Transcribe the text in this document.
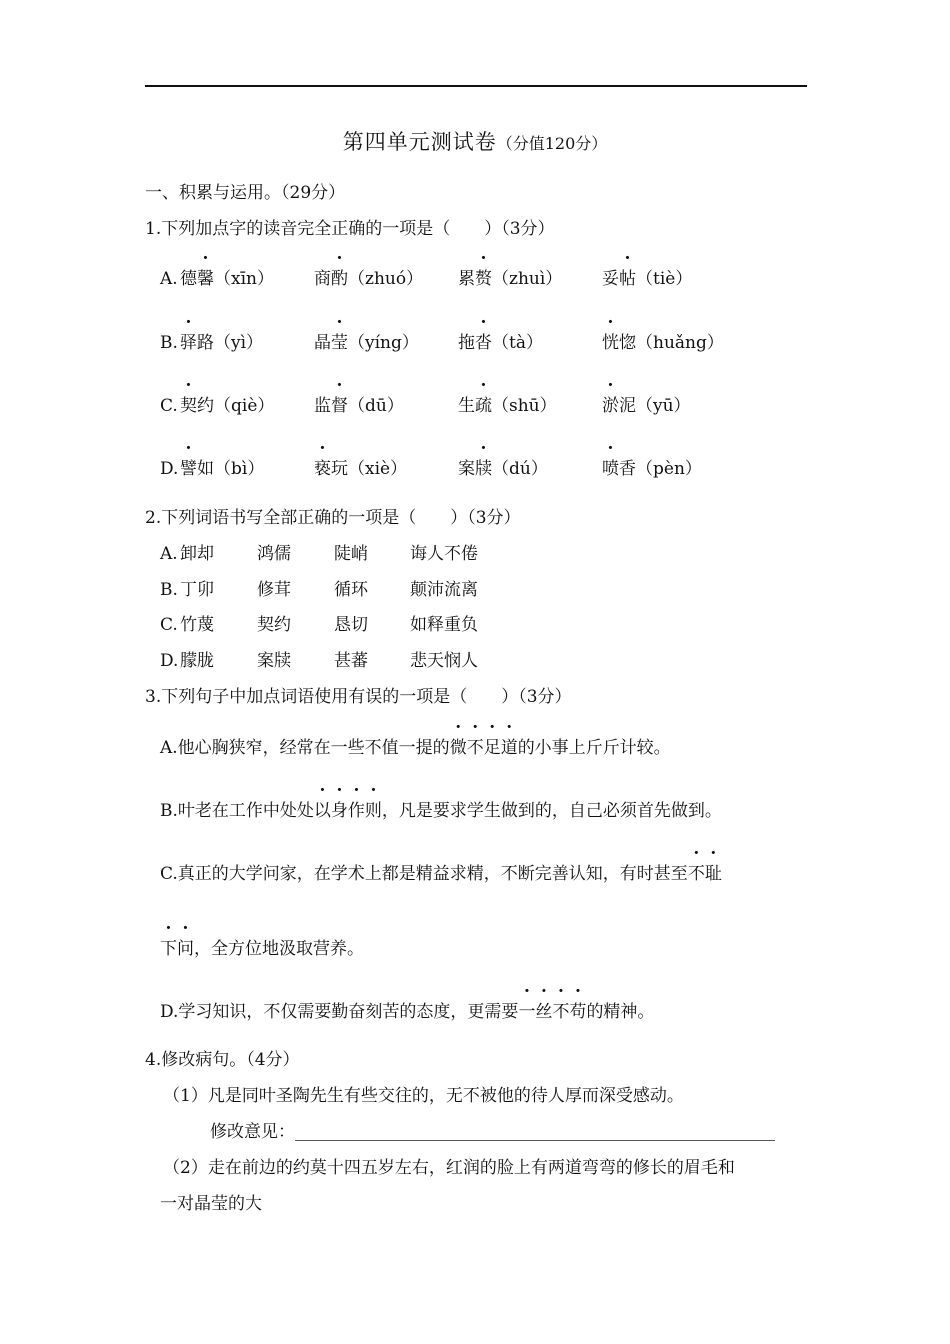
第四单元测试卷（分值120分）
一、积累与运用。（29分）
1.下列加点字的读音完全正确的一项是（　　）（3分）
A. 德馨（xīn） 商酌（zhuó） 累赘（zhuì） 妥帖（tiè）
B. 驿路（yì）	晶莹（yíng） 拖沓（tà）	恍惚（huǎng）
C. 契约（qiè） 监督（dū）	生疏（shū）	淤泥（yū）
D. 譬如（bì）	亵玩（xiè）	案牍（dú）	喷香（pèn）
2.下列词语书写全部正确的一项是（　　）（3分）
A. 卸却	鸿儒	陡峭 诲人不倦
B. 丁卯	修茸	循环 颠沛流离
C. 竹蔑	契约	恳切 如释重负
D. 朦胧	案牍	甚蕃 悲天悯人
3.下列句子中加点词语使用有误的一项是（　　）（3分）
A.他心胸狭窄，经常在一些不值一提的微不足道的小事上斤斤计较。
B.叶老在工作中处处以身作则，凡是要求学生做到的，自己必须首先做到。
C.真正的大学问家，在学术上都是精益求精，不断完善认知，有时甚至不耻
下问，全方位地汲取营养。
D.学习知识，不仅需要勤奋刻苦的态度，更需要一丝不苟的精神。
4.修改病句。（4分）
（1）凡是同叶圣陶先生有些交往的，无不被他的待人厚而深受感动。
修改意见：
（2）走在前边的约莫十四五岁左右，红润的脸上有两道弯弯的修长的眉毛和
一对晶莹的大
